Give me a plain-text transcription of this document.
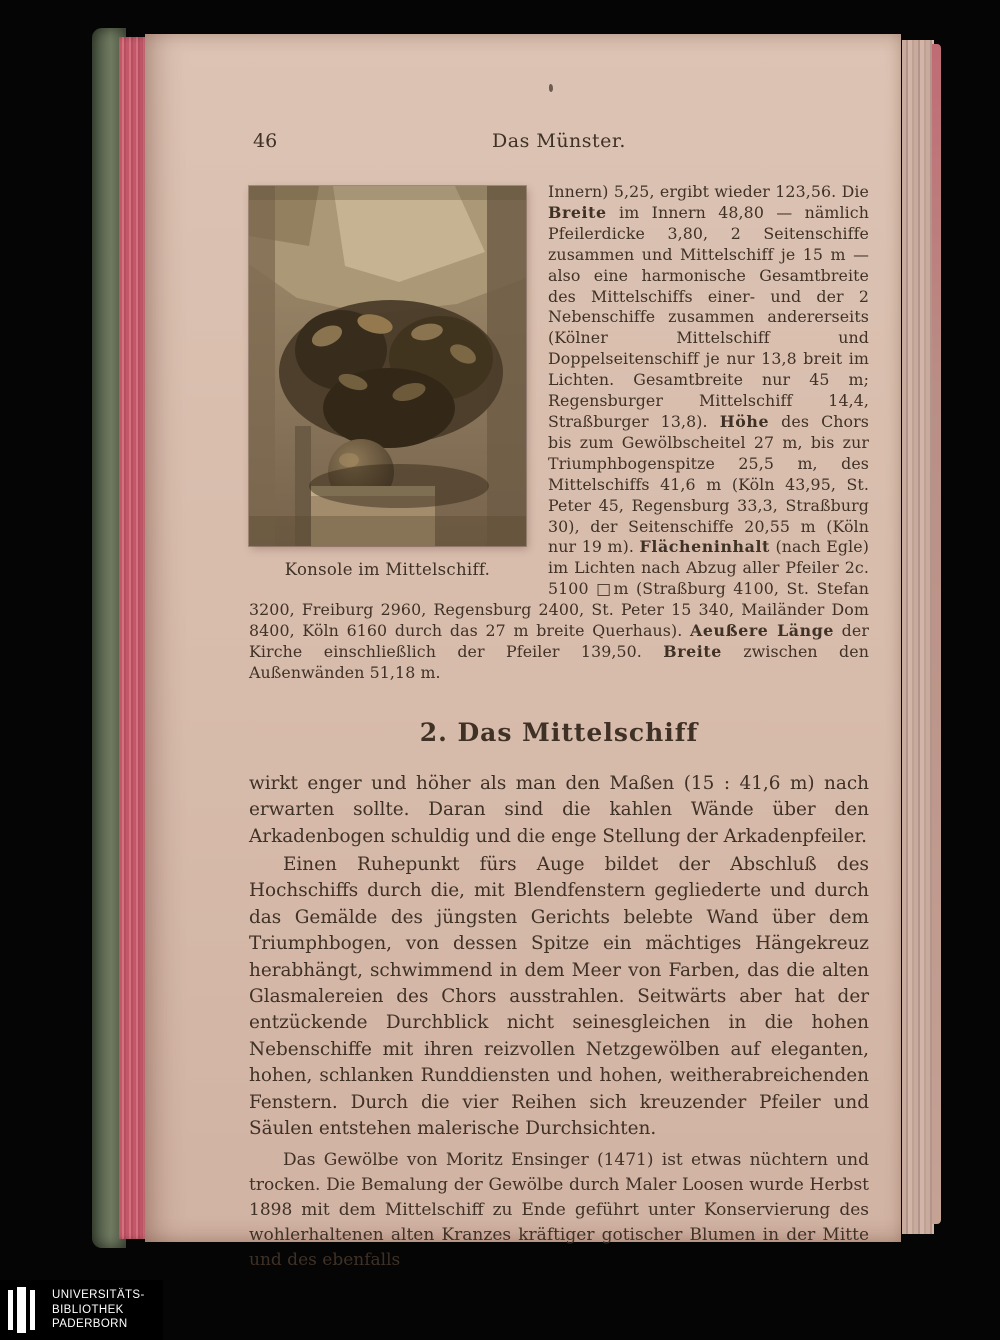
46	Das Münster.
Konsole im Mittelschiff.

Innern) 5,25, ergibt wieder 123,56. Die Breite im Innern 48,80 — nämlich Pfeilerdicke 3,80, 2 Seitenschiffe zusammen und Mittelschiff je 15 m — also eine harmonische Gesamtbreite des Mittelschiffs einer- und der 2 Nebenschiffe zusammen andererseits (Kölner Mittelschiff und Doppelseitenschiff je nur 13,8 breit im Lichten. Gesamtbreite nur 45 m; Regensburger Mittelschiff 14,4, Straßburger 13,8). Höhe des Chors bis zum Gewölbscheitel 27 m, bis zur Triumphbogenspitze 25,5 m, des Mittelschiffs 41,6 m (Köln 43,95, St. Peter 45, Regensburg 33,3, Straßburg 30), der Seitenschiffe 20,55 m (Köln nur 19 m). Flächeninhalt (nach Egle) im Lichten nach Abzug aller Pfeiler 2c. 5100 □m (Straßburg 4100, St. Stefan 3200, Freiburg 2960, Regensburg 2400, St. Peter 15 340, Mailänder Dom 8400, Köln 6160 durch das 27 m breite Querhaus). Aeußere Länge der Kirche einschließlich der Pfeiler 139,50. Breite zwischen den Außenwänden 51,18 m.

2. Das Mittelschiff

wirkt enger und höher als man den Maßen (15 : 41,6 m) nach erwarten sollte. Daran sind die kahlen Wände über den Arkadenbogen schuldig und die enge Stellung der Arkadenpfeiler.

Einen Ruhepunkt fürs Auge bildet der Abschluß des Hochschiffs durch die, mit Blendfenstern gegliederte und durch das Gemälde des jüngsten Gerichts belebte Wand über dem Triumphbogen, von dessen Spitze ein mächtiges Hängekreuz herabhängt, schwimmend in dem Meer von Farben, das die alten Glasmalereien des Chors ausstrahlen. Seitwärts aber hat der entzückende Durchblick nicht seinesgleichen in die hohen Nebenschiffe mit ihren reizvollen Netzgewölben auf eleganten, hohen, schlanken Runddiensten und hohen, weitherabreichenden Fenstern. Durch die vier Reihen sich kreuzender Pfeiler und Säulen entstehen malerische Durchsichten.

Das Gewölbe von Moritz Ensinger (1471) ist etwas nüchtern und trocken. Die Bemalung der Gewölbe durch Maler Loosen wurde Herbst 1898 mit dem Mittelschiff zu Ende geführt unter Konservierung des wohlerhaltenen alten Kranzes kräftiger gotischer Blumen in der Mitte und des ebenfalls

UNIVERSITÄTS-
BIBLIOTHEK
PADERBORN
